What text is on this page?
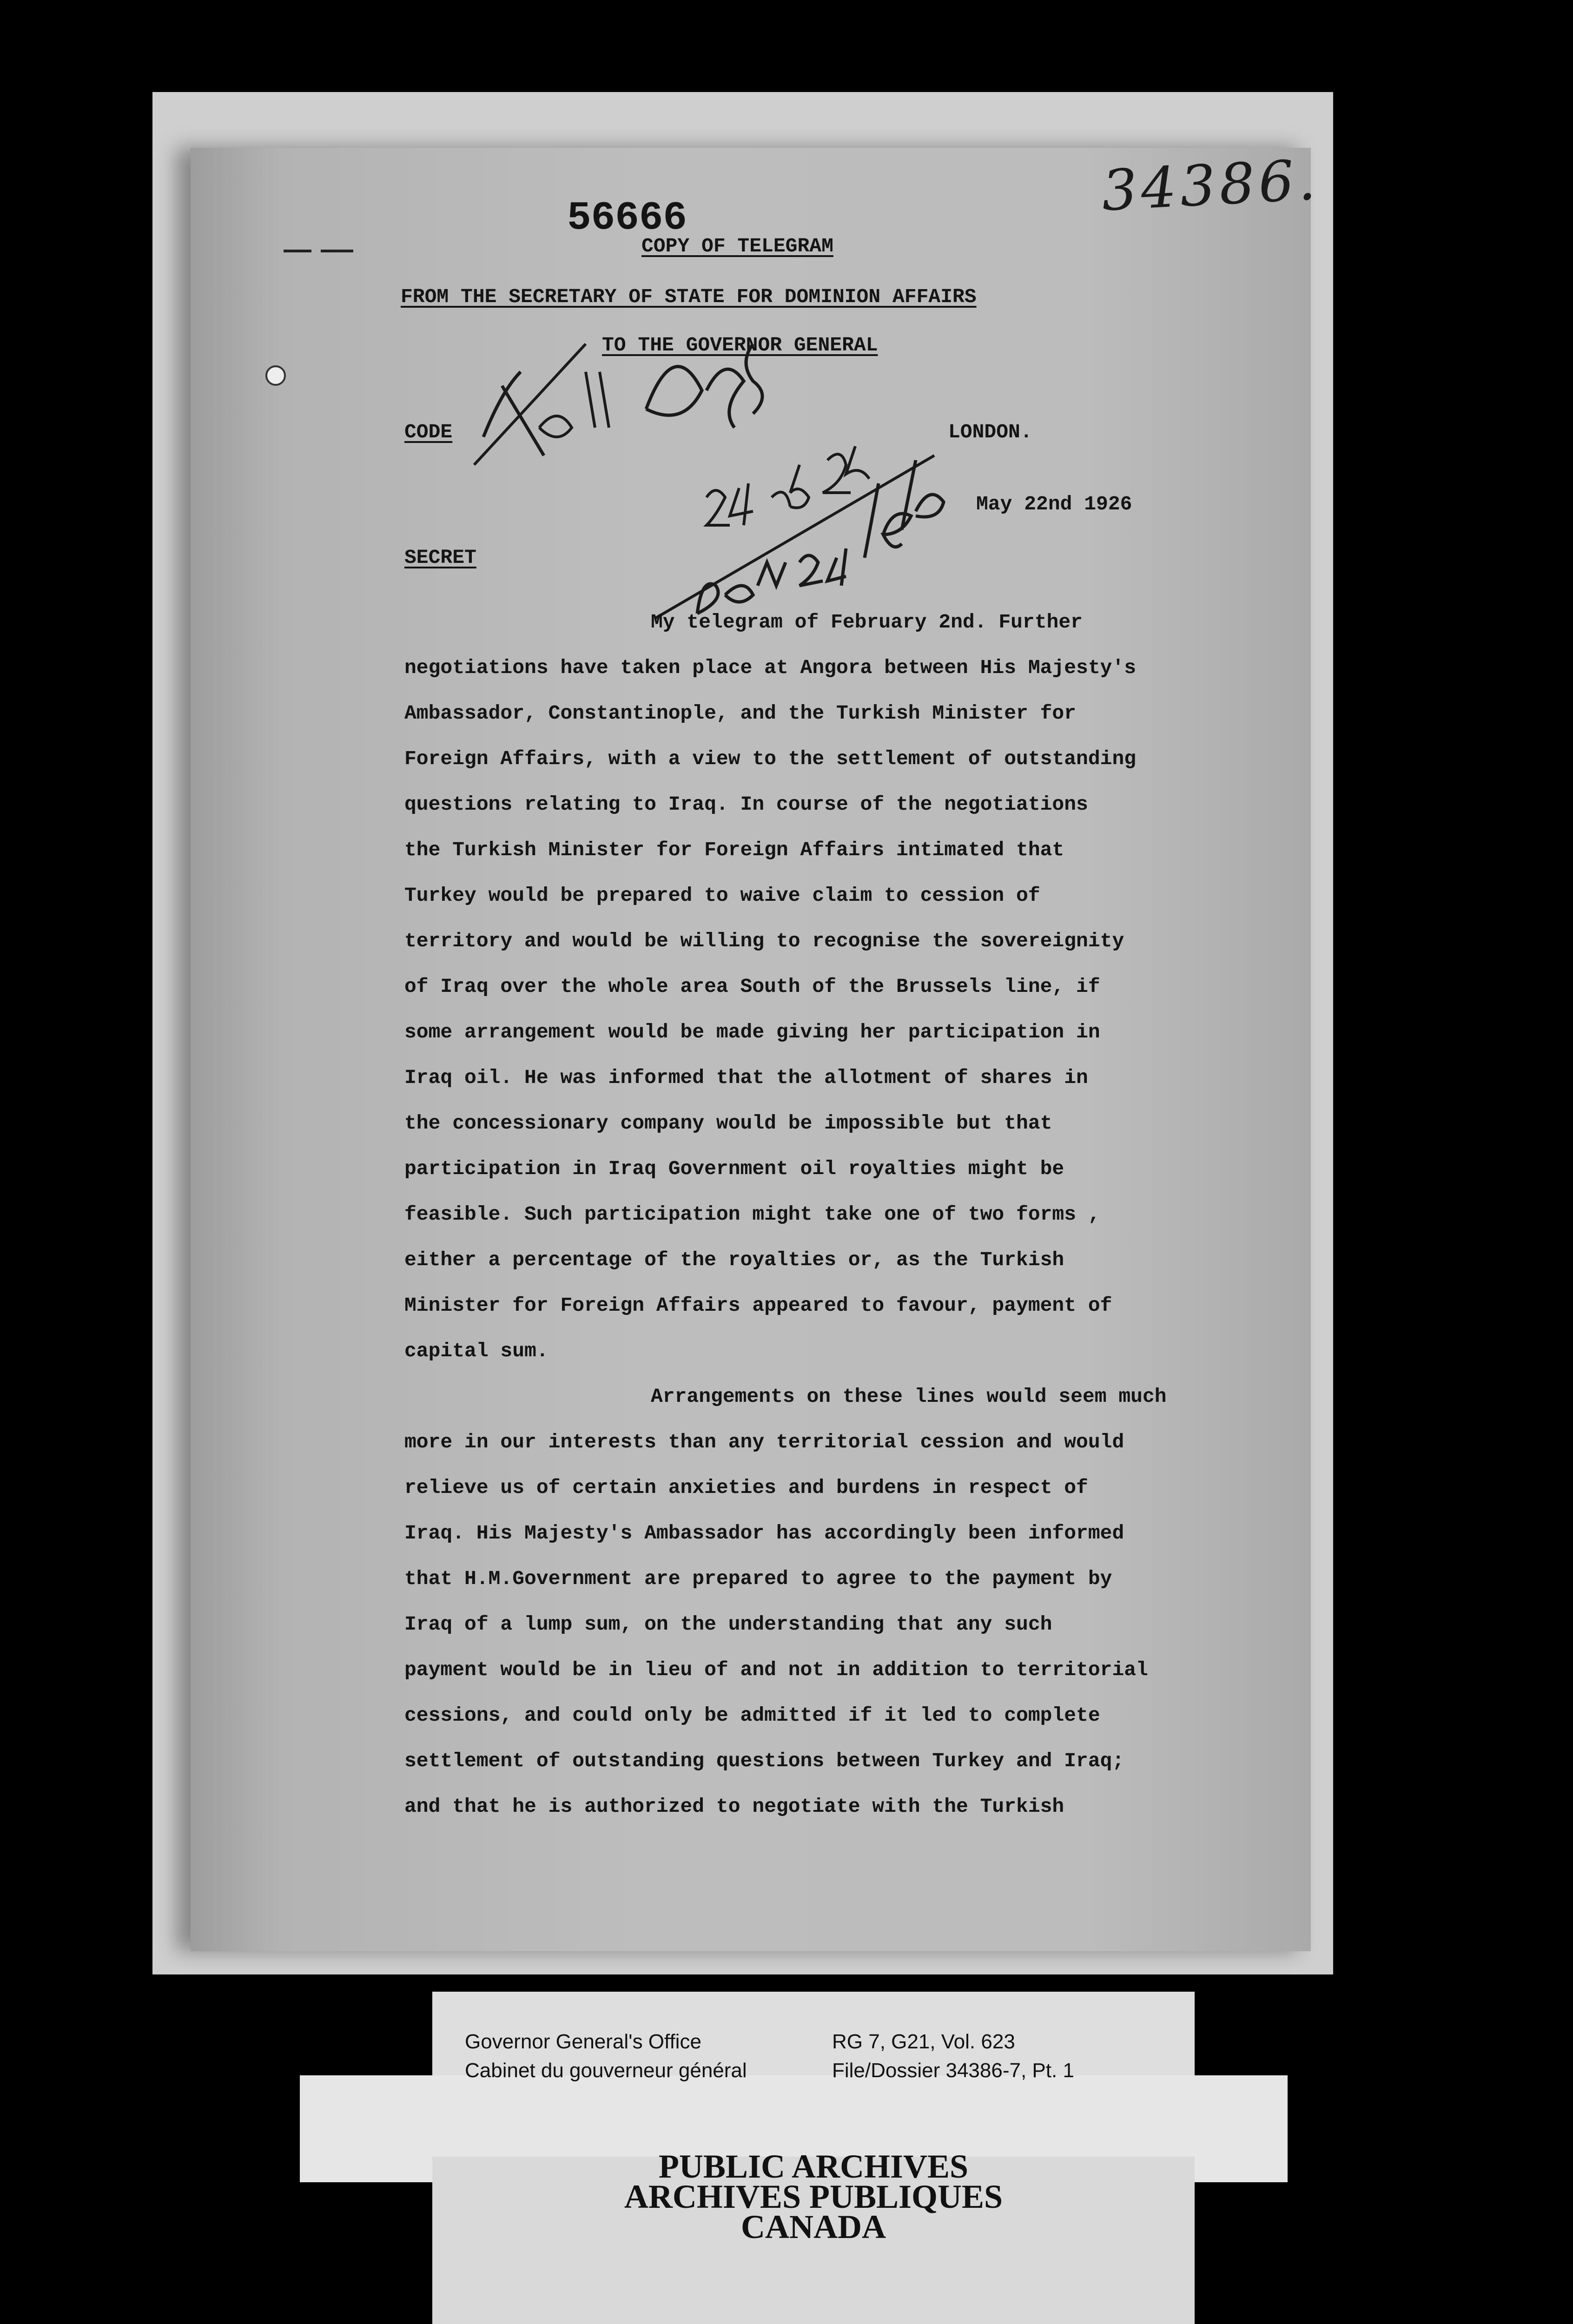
34386.
56666
COPY OF TELEGRAM
FROM THE SECRETARY OF STATE FOR DOMINION AFFAIRS
TO THE GOVERNOR GENERAL
CODE	LONDON.
May 22nd 1926
SECRET
My telegram of February 2nd. Further
negotiations have taken place at Angora between His Majesty's
Ambassador, Constantinople, and the Turkish Minister for
Foreign Affairs, with a view to the settlement of outstanding
questions relating to Iraq. In course of the negotiations
the Turkish Minister for Foreign Affairs intimated that
Turkey would be prepared to waive claim to cession of
territory and would be willing to recognise the sovereignity
of Iraq over the whole area South of the Brussels line, if
some arrangement would be made giving her participation in
Iraq oil. He was informed that the allotment of shares in
the concessionary company would be impossible but that
participation in Iraq Government oil royalties might be
feasible. Such participation might take one of two forms ,
either a percentage of the royalties or, as the Turkish
Minister for Foreign Affairs appeared to favour, payment of
capital sum.
Arrangements on these lines would seem much
more in our interests than any territorial cession and would
relieve us of certain anxieties and burdens in respect of
Iraq. His Majesty's Ambassador has accordingly been informed
that H.M.Government are prepared to agree to the payment by
Iraq of a lump sum, on the understanding that any such
payment would be in lieu of and not in addition to territorial
cessions, and could only be admitted if it led to complete
settlement of outstanding questions between Turkey and Iraq;
and that he is authorized to negotiate with the Turkish
Governor General's Office
Cabinet du gouverneur général
RG 7, G21, Vol. 623
File/Dossier 34386-7, Pt. 1
PUBLIC ARCHIVES
ARCHIVES PUBLIQUES
CANADA
